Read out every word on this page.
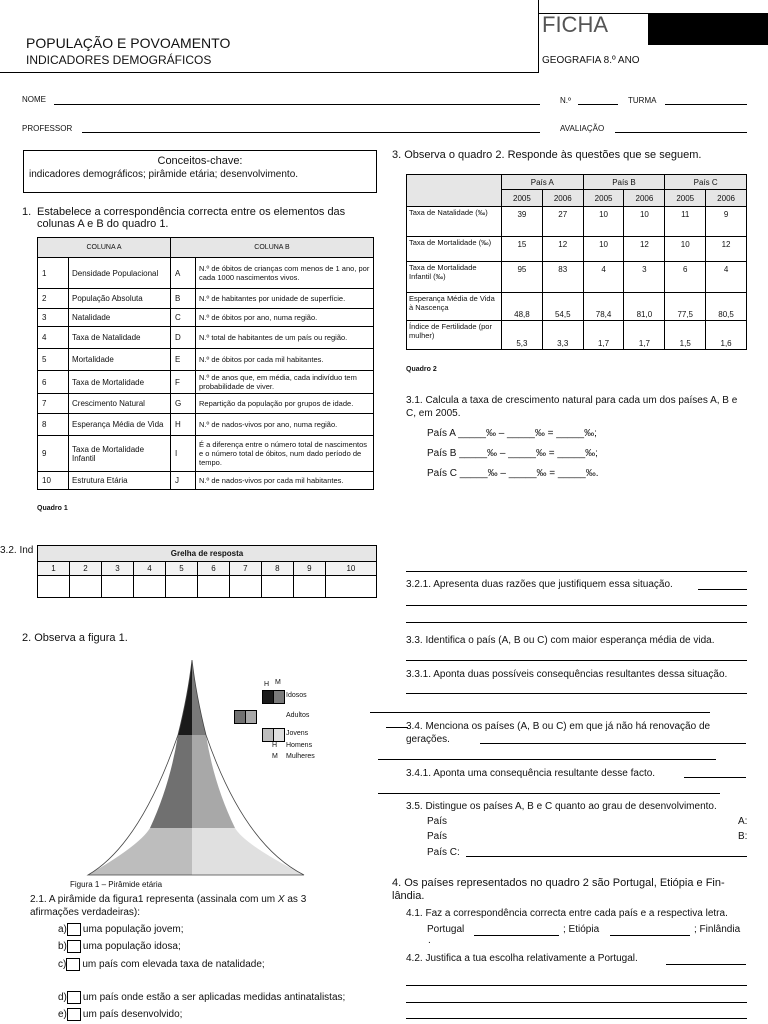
FICHA
POPULAÇÃO E POVOAMENTO
INDICADORES DEMOGRÁFICOS	GEOGRAFIA 8.º ANO
NOME	N.º	TURMA
PROFESSOR	AVALIAÇÃO
Conceitos-chave:
indicadores demográficos; pirâmide etária; desenvolvimento.
1. Estabelece a correspondência correcta entre os elementos das colunas A e B do quadro 1.
COLUNA A		COLUNA B	
1	Densidade Populacional	A	N.º de óbitos de crianças com menos de 1 ano, por cada 1000 nascimentos vivos.
2	População Absoluta	B	N.º de habitantes por unidade de superfície.
3	Natalidade	C	N.º de óbitos por ano, numa região.
4	Taxa de Natalidade	D	N.º total de habitantes de um país ou região.
5	Mortalidade	E	N.º de óbitos por cada mil habitantes.
6	Taxa de Mortalidade	F	N.º de anos que, em média, cada indivíduo tem probabilidade de viver.
7	Crescimento Natural	G	Repartição da população por grupos de idade.
8	Esperança Média de Vida	H	N.º de nados-vivos por ano, numa região.
9	Taxa de Mortalidade Infantil	I	É a diferença entre o número total de nascimentos e o número total de óbitos, num dado período de tempo.
10	Estrutura Etária	J	N.º de nados-vivos por cada mil habitantes.
Quadro 1
3.2. Ind	Grelha de resposta									
1	2	3	4	5	6	7	8	9	10

2. Observa a figura 1.
H M
Idosos
Adultos
Jovens
H Homens
M Mulheres
Figura 1 – Pirâmide etária
2.1. A pirâmide da figura1 representa (assinala com um X as 3 afirmações verdadeiras):
a) uma população jovem;
b) uma população idosa;
c) um país com elevada taxa de natalidade;
d) um país onde estão a ser aplicadas medidas antinatalistas;
e) um país desenvolvido;
3. Observa o quadro 2. Responde às questões que se seguem.
	País A		País B		País C	
	2005	2006	2005	2006	2005	2006
Taxa de Natalidade (‰)	39	27	10	10	11	9
Taxa de Mortalidade (‰)	15	12	10	12	10	12
Taxa de Mortalidade Infantil (‰)	95	83	4	3	6	4
Esperança Média de Vida à Nascença	48,8	54,5	78,4	81,0	77,5	80,5
Índice de Fertilidade (por mulher)	5,3	3,3	1,7	1,7	1,5	1,6
Quadro 2
3.1. Calcula a taxa de crescimento natural para cada um dos países A, B e C, em 2005.
País A _____‰ – _____‰ = _____‰;
País B _____‰ – _____‰ = _____‰;
País C _____‰ – _____‰ = _____‰.
3.2.1. Apresenta duas razões que justifiquem essa situação.
3.3. Identifica o país (A, B ou C) com maior esperança média de vida.
3.3.1. Aponta duas possíveis consequências resultantes dessa situação.
3.4. Menciona os países (A, B ou C) em que já não há renovação de gerações.
3.4.1. Aponta uma consequência resultante desse facto.
3.5. Distingue os países A, B e C quanto ao grau de desenvolvimento.
País	A:
País	B:
País C:
4. Os países representados no quadro 2 são Portugal, Etiópia e Fin- lândia.
4.1. Faz a correspondência correcta entre cada país e a respectiva letra.
Portugal	; Etiópia	; Finlândia
.
4.2. Justifica a tua escolha relativamente a Portugal.
